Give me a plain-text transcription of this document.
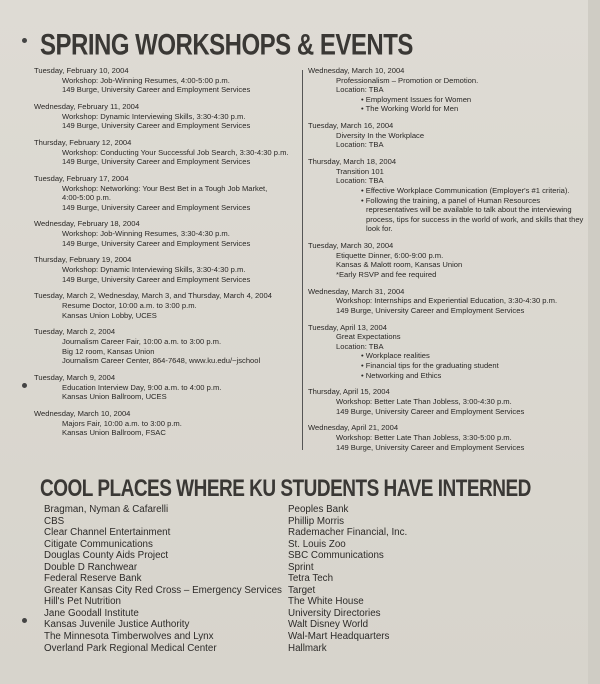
SPRING WORKSHOPS & EVENTS
Tuesday, February 10, 2004
Workshop: Job-Winning Resumes, 4:00-5:00 p.m.
149 Burge, University Career and Employment Services
Wednesday, February 11, 2004
Workshop: Dynamic Interviewing Skills, 3:30-4:30 p.m.
149 Burge, University Career and Employment Services
Thursday, February 12, 2004
Workshop: Conducting Your Successful Job Search, 3:30-4:30 p.m.
149 Burge, University Career and Employment Services
Tuesday, February 17, 2004
Workshop: Networking: Your Best Bet in a Tough Job Market,
4:00-5:00 p.m.
149 Burge, University Career and Employment Services
Wednesday, February 18, 2004
Workshop: Job-Winning Resumes, 3:30-4:30 p.m.
149 Burge, University Career and Employment Services
Thursday, February 19, 2004
Workshop: Dynamic Interviewing Skills, 3:30-4:30 p.m.
149 Burge, University Career and Employment Services
Tuesday, March 2, Wednesday, March 3, and Thursday, March 4, 2004
Resume Doctor, 10:00 a.m. to 3:00 p.m.
Kansas Union Lobby, UCES
Tuesday, March 2, 2004
Journalism Career Fair, 10:00 a.m. to 3:00 p.m.
Big 12 room, Kansas Union
Journalism Career Center, 864-7648, www.ku.edu/~jschool
Tuesday, March 9, 2004
Education Interview Day, 9:00 a.m. to 4:00 p.m.
Kansas Union Ballroom, UCES
Wednesday, March 10, 2004
Majors Fair, 10:00 a.m. to 3:00 p.m.
Kansas Union Ballroom, FSAC
Wednesday, March 10, 2004
Professionalism – Promotion or Demotion.
Location: TBA
• Employment Issues for Women
• The Working World for Men
Tuesday, March 16, 2004
Diversity In the Workplace
Location: TBA
Thursday, March 18, 2004
Transition 101
Location: TBA
• Effective Workplace Communication (Employer's #1 criteria).
• Following the training, a panel of Human Resources representatives will be available to talk about the interviewing process, tips for success in the world of work, and skills that they look for.
Tuesday, March 30, 2004
Etiquette Dinner, 6:00-9:00 p.m.
Kansas & Malott room, Kansas Union
*Early RSVP and fee required
Wednesday, March 31, 2004
Workshop: Internships and Experiential Education, 3:30-4:30 p.m.
149 Burge, University Career and Employment Services
Tuesday, April 13, 2004
Great Expectations
Location: TBA
• Workplace realities
• Financial tips for the graduating student
• Networking and Ethics
Thursday, April 15, 2004
Workshop: Better Late Than Jobless, 3:00-4:30 p.m.
149 Burge, University Career and Employment Services
Wednesday, April 21, 2004
Workshop: Better Late Than Jobless, 3:30-5:00 p.m.
149 Burge, University Career and Employment Services
COOL PLACES WHERE KU STUDENTS HAVE INTERNED
Bragman, Nyman & Cafarelli
CBS
Clear Channel Entertainment
Citigate Communications
Douglas County Aids Project
Double D Ranchwear
Federal Reserve Bank
Greater Kansas City Red Cross – Emergency Services
Hill's Pet Nutrition
Jane Goodall Institute
Kansas Juvenile Justice Authority
The Minnesota Timberwolves and Lynx
Overland Park Regional Medical Center
Peoples Bank
Phillip Morris
Rademacher Financial, Inc.
St. Louis Zoo
SBC Communications
Sprint
Tetra Tech
Target
The White House
University Directories
Walt Disney World
Wal-Mart Headquarters
Hallmark
